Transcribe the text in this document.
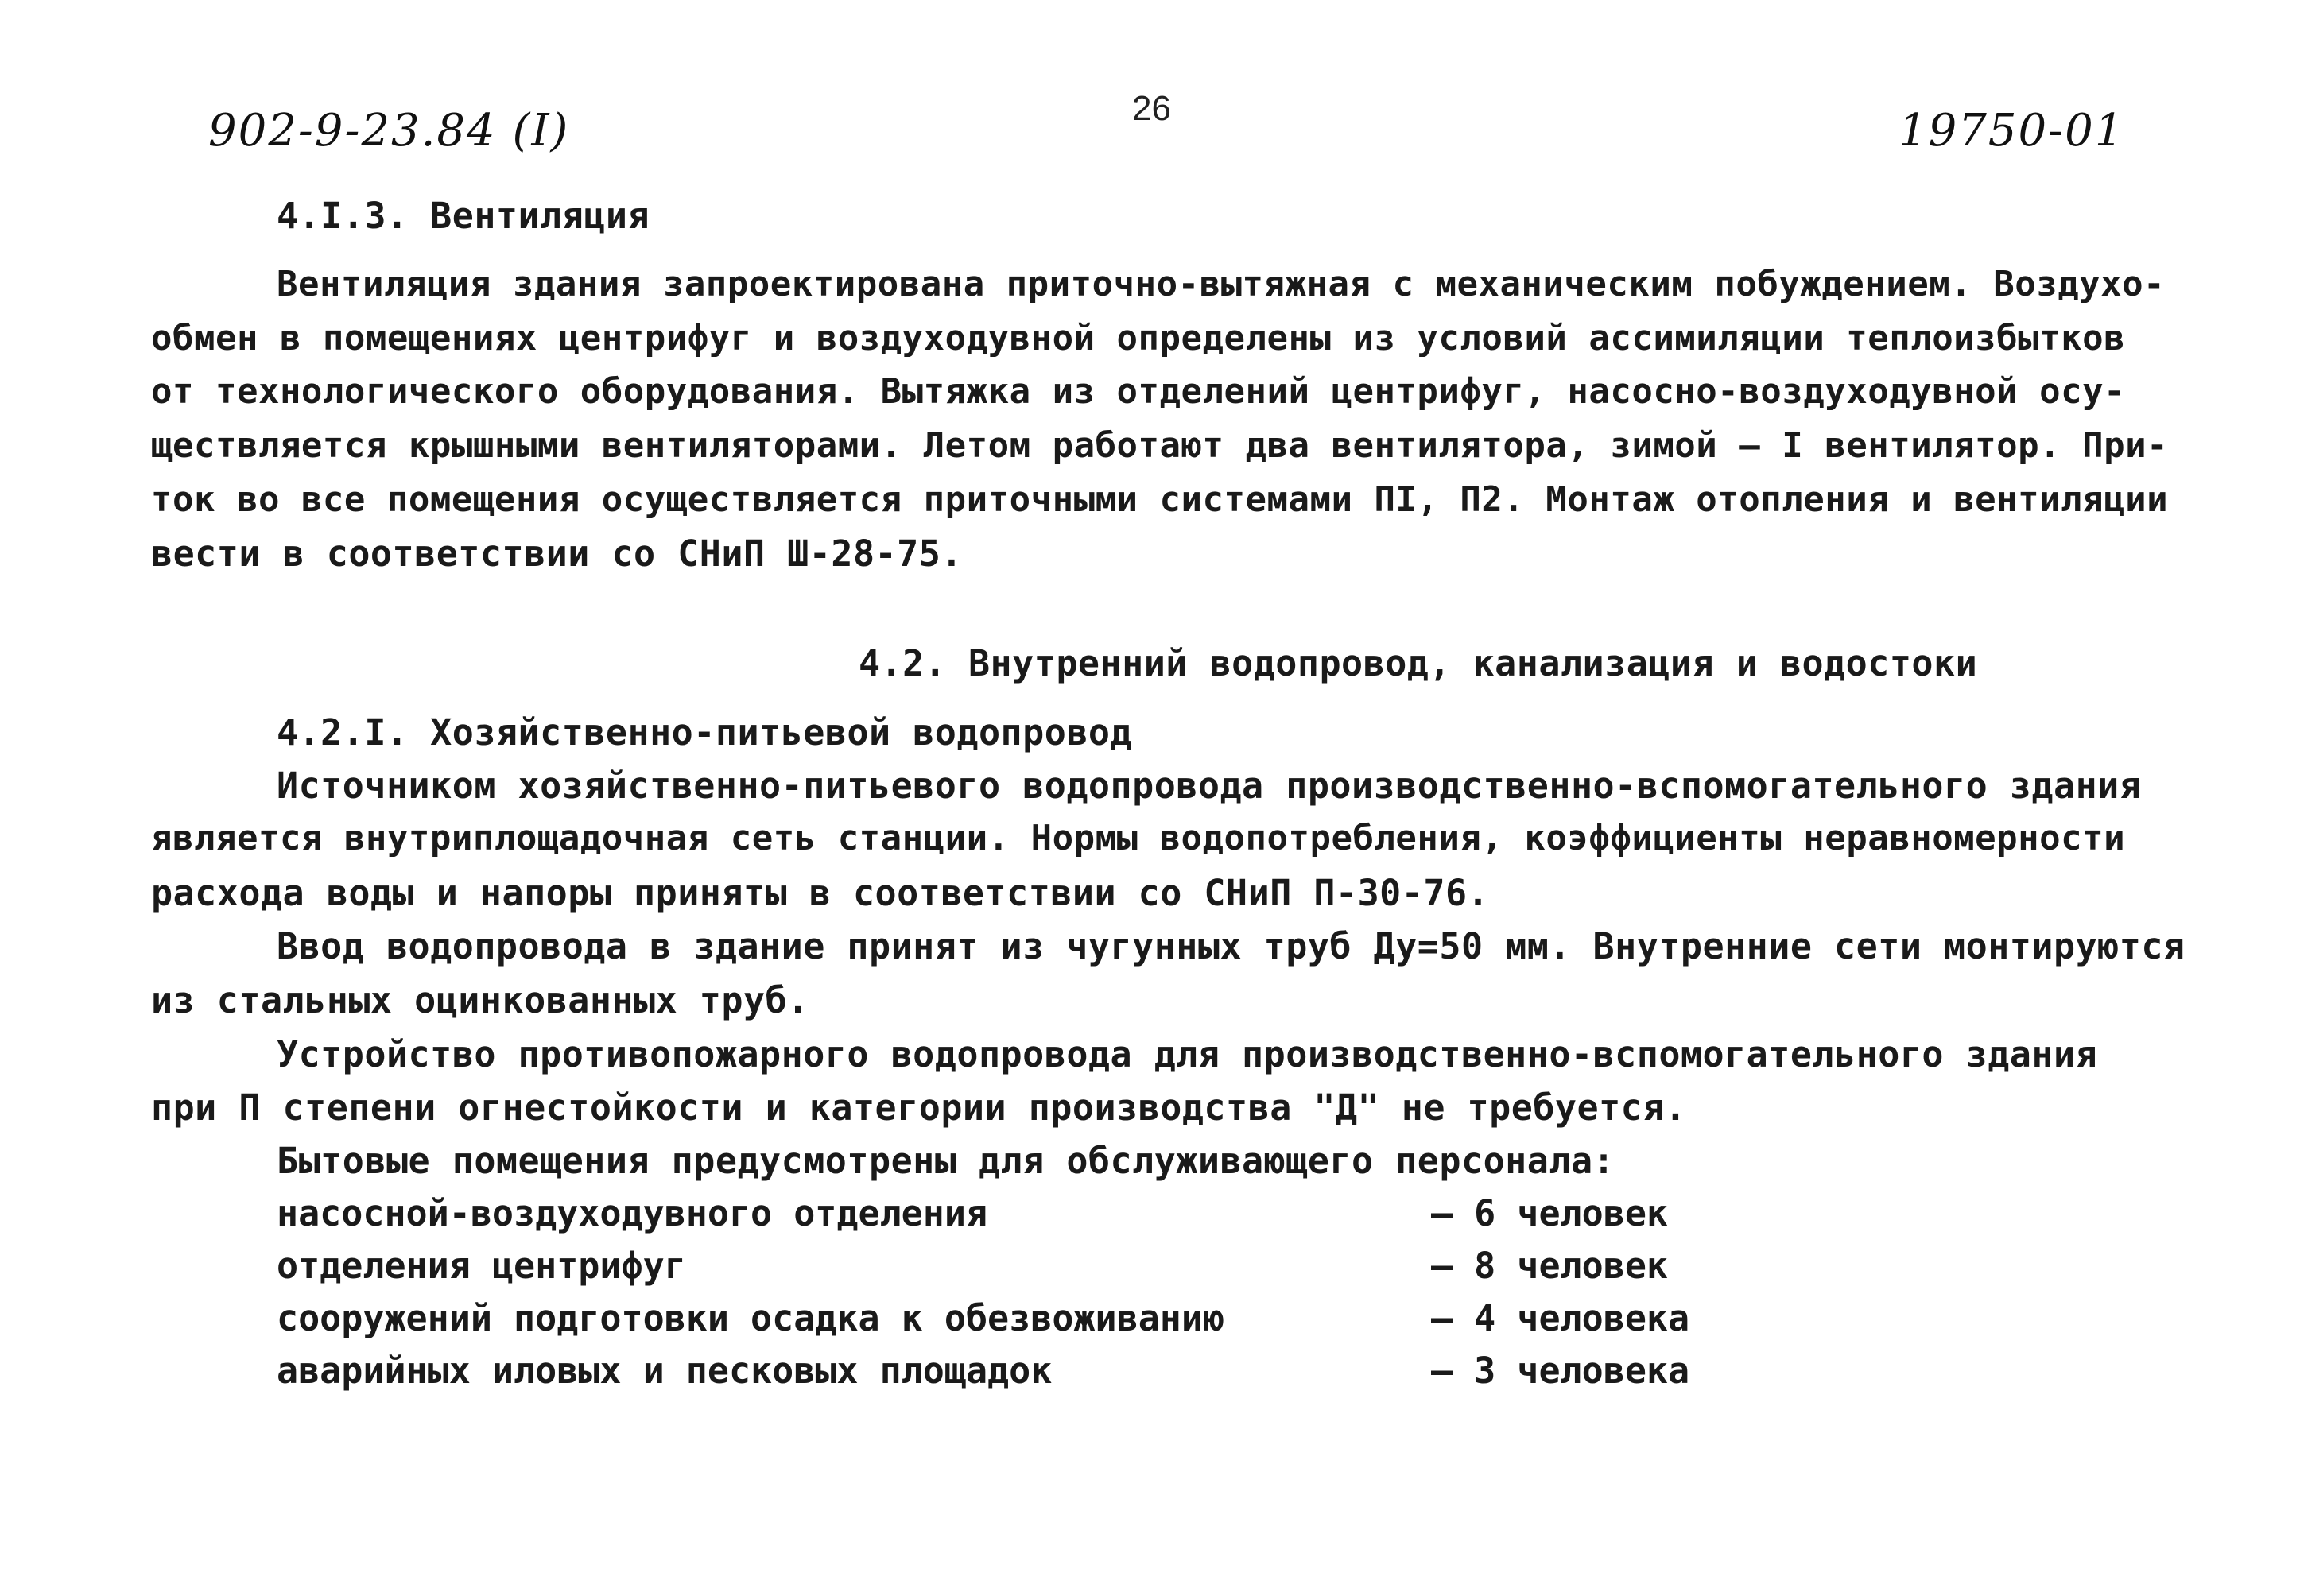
902-9-23.84 (I)	26	19750-01
4.I.3. Вентиляция
Вентиляция здания запроектирована приточно-вытяжная с механическим побуждением. Воздухо-
обмен в помещениях центрифуг и воздуходувной определены из условий ассимиляции теплоизбытков
от технологического оборудования. Вытяжка из отделений центрифуг, насосно-воздуходувной осу-
ществляется крышными вентиляторами. Летом работают два вентилятора, зимой – I вентилятор. При-
ток во все помещения осуществляется приточными системами ПI, П2. Монтаж отопления и вентиляции
вести в соответствии со СНиП Ш-28-75.
4.2. Внутренний водопровод, канализация и водостоки
4.2.I. Хозяйственно-питьевой водопровод
Источником хозяйственно-питьевого водопровода производственно-вспомогательного здания
является внутриплощадочная сеть станции. Нормы водопотребления, коэффициенты неравномерности
расхода воды и напоры приняты в соответствии со СНиП П-30-76.
Ввод водопровода в здание принят из чугунных труб Ду=50 мм. Внутренние сети монтируются
из стальных оцинкованных труб.
Устройство противопожарного водопровода для производственно-вспомогательного здания
при П степени огнестойкости и категории производства "Д" не требуется.
Бытовые помещения предусмотрены для обслуживающего персонала:
насосной-воздуходувного отделения	– 6 человек
отделения центрифуг	– 8 человек
сооружений подготовки осадка к обезвоживанию	– 4 человека
аварийных иловых и песковых площадок	– 3 человека
